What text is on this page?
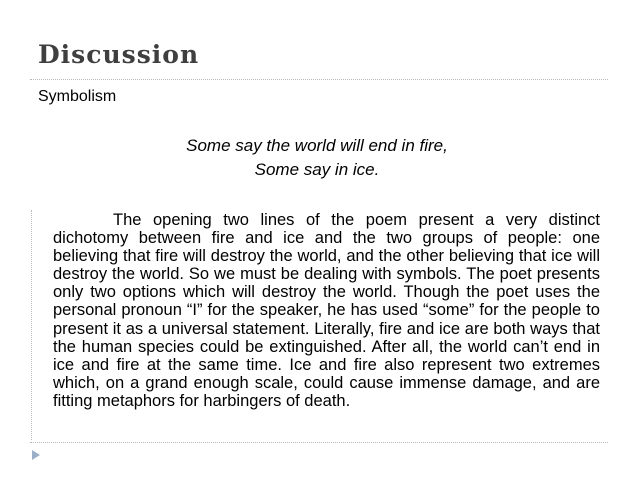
Discussion
Symbolism
Some say the world will end in fire,
Some say in ice.
The opening two lines of the poem present a very distinct dichotomy between fire and ice and the two groups of people: one believing that fire will destroy the world, and the other believing that ice will destroy the world. So we must be dealing with symbols. The poet presents only two options which will destroy the world. Though the poet uses the personal pronoun “I” for the speaker, he has used “some” for the people to present it as a universal statement. Literally, fire and ice are both ways that the human species could be extinguished. After all, the world can’t end in ice and fire at the same time. Ice and fire also represent two extremes which, on a grand enough scale, could cause immense damage, and are fitting metaphors for harbingers of death.
